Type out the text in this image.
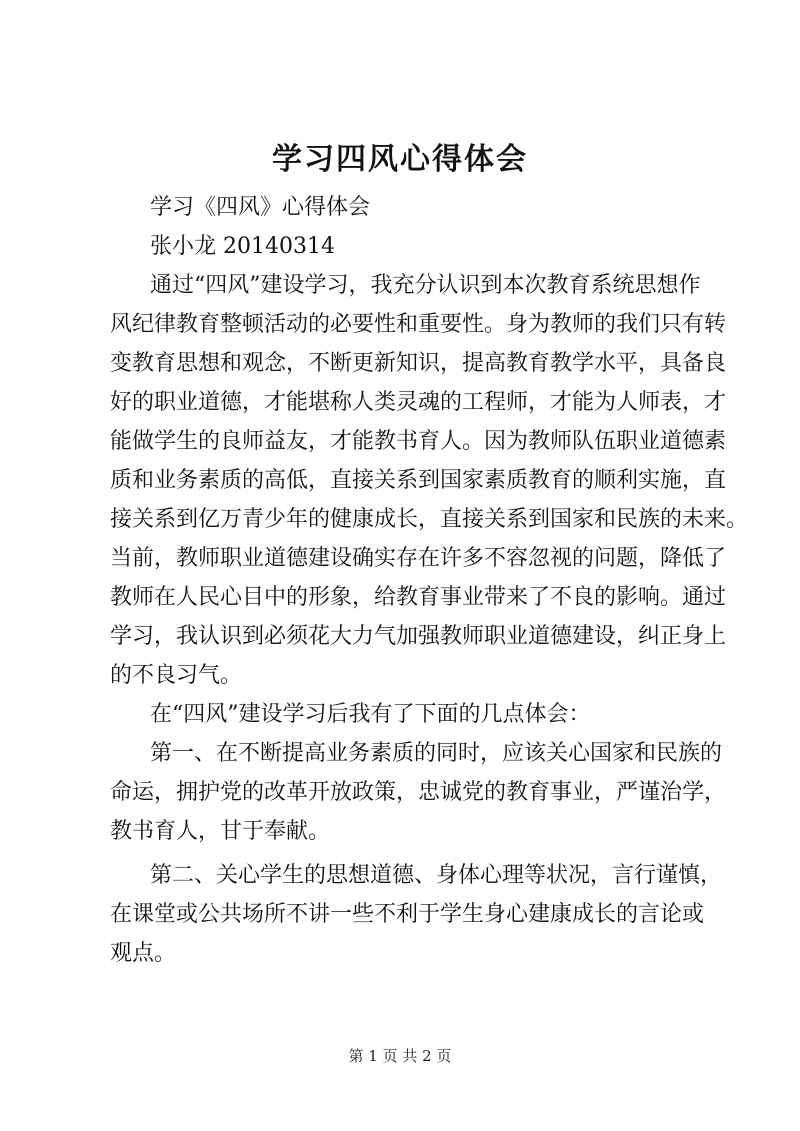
学习四风心得体会
学习《四风》心得体会
张小龙 20140314
通过“四风”建设学习，我充分认识到本次教育系统思想作
风纪律教育整顿活动的必要性和重要性。身为教师的我们只有转
变教育思想和观念，不断更新知识，提高教育教学水平，具备良
好的职业道德，才能堪称人类灵魂的工程师，才能为人师表，才
能做学生的良师益友，才能教书育人。因为教师队伍职业道德素
质和业务素质的高低，直接关系到国家素质教育的顺利实施，直
接关系到亿万青少年的健康成长，直接关系到国家和民族的未来。
当前，教师职业道德建设确实存在许多不容忽视的问题，降低了
教师在人民心目中的形象，给教育事业带来了不良的影响。通过
学习，我认识到必须花大力气加强教师职业道德建设，纠正身上
的不良习气。
在“四风”建设学习后我有了下面的几点体会：
第一、在不断提高业务素质的同时，应该关心国家和民族的
命运，拥护党的改革开放政策，忠诚党的教育事业，严谨治学，
教书育人，甘于奉献。
第二、关心学生的思想道德、身体心理等状况，言行谨慎，
在课堂或公共场所不讲一些不利于学生身心建康成长的言论或
观点。
第 1 页 共 2 页
